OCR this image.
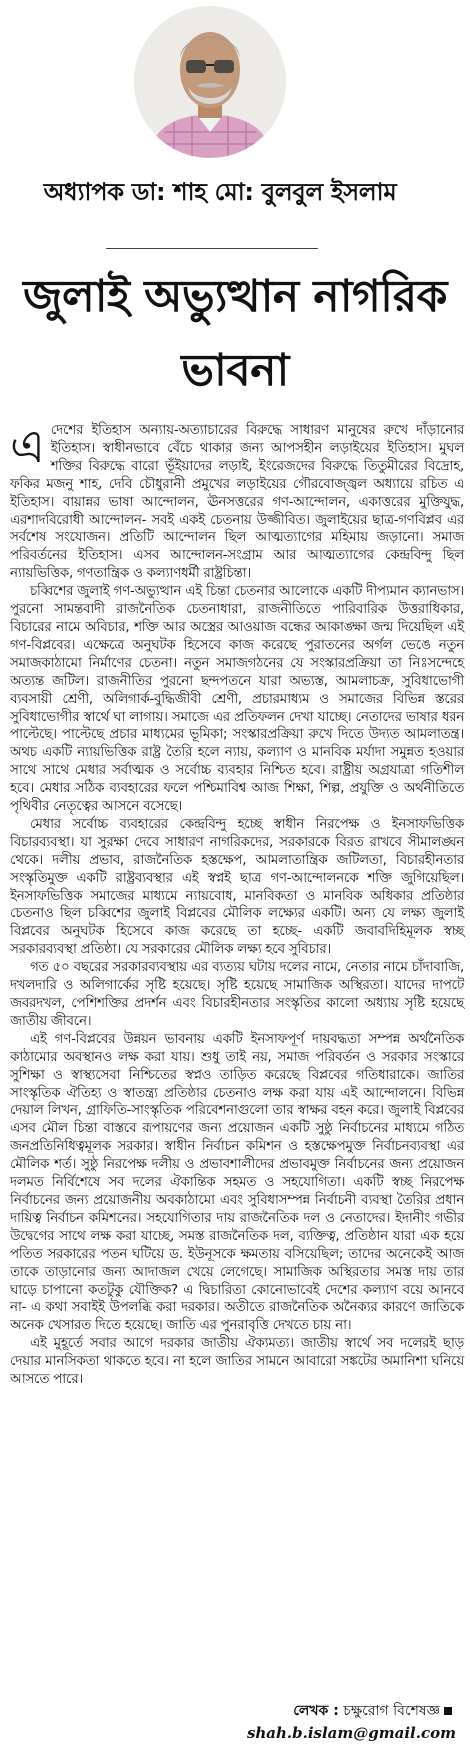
অধ্যাপক ডা: শাহ মো: বুলবুল ইসলাম
জুলাই অভ্যুত্থান নাগরিক ভাবনা

এদেশের ইতিহাস অন্যায়-অত্যাচারের বিরুদ্ধে সাধারণ মানুষের রুখে দাঁড়ানোর ইতিহাস। স্বাধীনভাবে বেঁচে থাকার জন্য আপসহীন লড়াইয়ের ইতিহাস। মুঘল শক্তির বিরুদ্ধে বারো ভূঁইয়াদের লড়াই, ইংরেজদের বিরুদ্ধে তিতুমীরের বিদ্রোহ, ফকির মজনু শাহ, দেবি চৌধুরানী প্রমুখের লড়াইয়ের গৌরবোজ্জ্বল অধ্যায়ে রচিত এ ইতিহাস। বায়ান্নর ভাষা আন্দোলন, ঊনসত্তরের গণ-আন্দোলন, একাত্তরের মুক্তিযুদ্ধ, এরশাদবিরোধী আন্দোলন- সবই একই চেতনায় উজ্জীবিত। জুলাইয়ের ছাত্র-গণবিপ্লব এর সর্বশেষ সংযোজন। প্রতিটি আন্দোলন ছিল আত্মত্যাগের মহিমায় জড়ানো। সমাজ পরিবর্তনের ইতিহাস। এসব আন্দোলন-সংগ্রাম আর আত্মত্যাগের কেন্দ্রবিন্দু ছিল ন্যায়ভিত্তিক, গণতান্ত্রিক ও কল্যাণধর্মী রাষ্ট্রচিন্তা।

চব্বিশের জুলাই গণ-অভ্যুত্থান এই চিন্তা চেতনার আলোকে একটি দীপ্যমান ক্যানভাস। পুরনো সামন্তবাদী রাজনৈতিক চেতনাধারা, রাজনীতিতে পারিবারিক উত্তরাধিকার, বিচারের নামে অবিচার, শক্তি আর অস্ত্রের আওয়াজ বন্ধের আকাঙ্ক্ষা জন্ম দিয়েছিল এই গণ-বিপ্লবের। এক্ষেত্রে অনুঘটক হিসেবে কাজ করেছে পুরাতনের অর্গল ভেঙে নতুন সমাজকাঠামো নির্মাণের চেতনা। নতুন সমাজগঠনের যে সংস্কারপ্রক্রিয়া তা নিঃসন্দেহে অত্যন্ত জটিল। রাজনীতির পুরনো ছন্দপতনে যারা অভ্যস্ত, আমলাচক্র, সুবিধাভোগী ব্যবসায়ী শ্রেণী, অলিগার্ক-বুদ্ধিজীবী শ্রেণী, প্রচারমাধ্যম ও সমাজের বিভিন্ন স্তরের সুবিধাভোগীর স্বার্থে ঘা লাগায়। সমাজে এর প্রতিফলন দেখা যাচ্ছে। নেতাদের ভাষার ধরন পাল্টেছে। পাল্টেছে প্রচার মাধ্যমের ভূমিকা; সংস্কারপ্রক্রিয়া রুখে দিতে উদ্যত আমলাতন্ত্র। অথচ একটি ন্যায়ভিত্তিক রাষ্ট্র তৈরি হলে ন্যায়, কল্যাণ ও মানবিক মর্যাদা সমুন্নত হওয়ার সাথে সাথে মেধার সর্বাত্মক ও সর্বোচ্চ ব্যবহার নিশ্চিত হবে। রাষ্ট্রীয় অগ্রযাত্রা গতিশীল হবে। মেধার সঠিক ব্যবহারের ফলে পশ্চিমাবিশ্ব আজ শিক্ষা, শিল্প, প্রযুক্তি ও অর্থনীতিতে পৃথিবীর নেতৃত্বের আসনে বসেছে।

মেধার সর্বোচ্চ ব্যবহারের কেন্দ্রবিন্দু হচ্ছে স্বাধীন নিরপেক্ষ ও ইনসাফভিত্তিক বিচারব্যবস্থা। যা সুরক্ষা দেবে সাধারণ নাগরিকদের, সরকারকে বিরত রাখবে সীমালঙ্ঘন থেকে। দলীয় প্রভাব, রাজনৈতিক হস্তক্ষেপ, আমলাতান্ত্রিক জটিলতা, বিচারহীনতার সংস্কৃতিমুক্ত একটি রাষ্ট্রব্যবস্থার এই স্বপ্নই ছাত্র গণ-আন্দোলনকে শক্তি জুগিয়েছিল। ইনসাফভিত্তিক সমাজের মাধ্যমে ন্যায়বোধ, মানবিকতা ও মানবিক অধিকার প্রতিষ্ঠার চেতনাও ছিল চব্বিশের জুলাই বিপ্লবের মৌলিক লক্ষ্যের একটি। অন্য যে লক্ষ্য জুলাই বিপ্লবের অনুঘটক হিসেবে কাজ করেছে তা হচ্ছে- একটি জবাবদিহিমূলক স্বচ্ছ সরকারব্যবস্থা প্রতিষ্ঠা। যে সরকারের মৌলিক লক্ষ্য হবে সুবিচার।

গত ৫০ বছরের সরকারব্যবস্থায় এর ব্যত্যয় ঘটায় দলের নামে, নেতার নামে চাঁদাবাজি, দখলদারি ও অলিগার্কের সৃষ্টি হয়েছে। সৃষ্টি হয়েছে সামাজিক অস্থিরতা। যাদের দাপটে জবরদখল, পেশিশক্তির প্রদর্শন এবং বিচারহীনতার সংস্কৃতির কালো অধ্যায় সৃষ্টি হয়েছে জাতীয় জীবনে।

এই গণ-বিপ্লবের উন্নয়ন ভাবনায় একটি ইনসাফপূর্ণ দায়বদ্ধতা সম্পন্ন অর্থনৈতিক কাঠামোর অবস্থানও লক্ষ করা যায়। শুধু তাই নয়, সমাজ পরিবর্তন ও সরকার সংস্কারে সুশিক্ষা ও স্বাস্থ্যসেবা নিশ্চিতের স্বপ্নও তাড়িত করেছে বিপ্লবের গতিধারাকে। জাতির সাংস্কৃতিক ঐতিহ্য ও স্বাতন্ত্র্য প্রতিষ্ঠার চেতনাও লক্ষ করা যায় এই আন্দোলনে। বিভিন্ন দেয়াল লিখন, গ্রাফিতি-সাংস্কৃতিক পরিবেশনাগুলো তার স্বাক্ষর বহন করে। জুলাই বিপ্লবের এসব মৌল চিন্তা বাস্তবে রূপায়ণের জন্য প্রয়োজন একটি সুষ্ঠু নির্বাচনের মাধ্যমে গঠিত জনপ্রতিনিধিত্বমূলক সরকার। স্বাধীন নির্বাচন কমিশন ও হস্তক্ষেপমুক্ত নির্বাচনব্যবস্থা এর মৌলিক শর্ত। সুষ্ঠু নিরপেক্ষ দলীয় ও প্রভাবশালীদের প্রভাবমুক্ত নির্বাচনের জন্য প্রয়োজন দলমত নির্বিশেষে সব দলের ঐকান্তিক সহমত ও সহযোগিতা। একটি স্বচ্ছ নিরপেক্ষ নির্বাচনের জন্য প্রয়োজনীয় অবকাঠামো এবং সুবিধাসম্পন্ন নির্বাচনী ব্যবস্থা তৈরির প্রধান দায়িত্ব নির্বাচন কমিশনের। সহযোগিতার দায় রাজনৈতিক দল ও নেতাদের। ইদানীং গভীর উদ্বেগের সাথে লক্ষ করা যাচ্ছে, সমস্ত রাজনৈতিক দল, ব্যক্তিত্ব, প্রতিষ্ঠান যারা এক হয়ে পতিত সরকারের পতন ঘটিয়ে ড. ইউনূসকে ক্ষমতায় বসিয়েছিল; তাদের অনেকেই আজ তাকে তাড়ানোর জন্য আদাজল খেয়ে লেগেছে। সামাজিক অস্থিরতার সমস্ত দায় তার ঘাড়ে চাপানো কতটুকু যৌক্তিক? এ দ্বিচারিতা কোনোভাবেই দেশের কল্যাণ বয়ে আনবে না- এ কথা সবাইই উপলব্ধি করা দরকার। অতীতে রাজনৈতিক অনৈক্যর কারণে জাতিকে অনেক খেসারত দিতে হয়েছে। জাতি এর পুনরাবৃত্তি দেখতে চায় না।

এই মুহূর্তে সবার আগে দরকার জাতীয় ঐক্যমত্য। জাতীয় স্বার্থে সব দলেরই ছাড় দেয়ার মানসিকতা থাকতে হবে। না হলে জাতির সামনে আবারো সঙ্কটের অমানিশা ঘনিয়ে আসতে পারে।

লেখক : চক্ষুরোগ বিশেষজ্ঞ
shah.b.islam@gmail.com
